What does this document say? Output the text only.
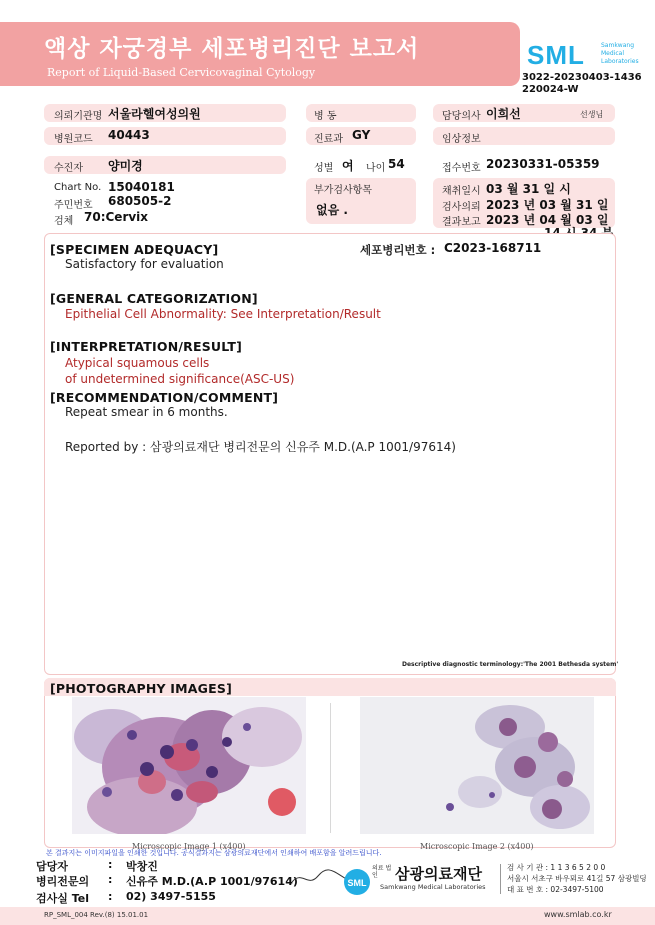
액상 자궁경부 세포병리진단 보고서
Report of Liquid-Based Cervicovaginal Cytology
SML	Samkwang Medical Laboratories
3022-20230403-1436
220024-W
의뢰기관명 서울라헬여성의원	병 동	담당의사 이희선	선생님
병원코드 40443	진료과 GY	임상정보
수진자 양미경	성별 여 나이 54	접수번호 20230331-05359
Chart No. 15040181
주민번호 680505-2
검체 70:Cervix
부가검사항목
없음 .
채취일시 03 월 31 일 시
검사의뢰 2023 년 03 월 31 일
결과보고 2023 년 04 월 03 일
[SPECIMEN ADEQUACY]	세포병리번호 : C2023-168711
Satisfactory for evaluation
[GENERAL CATEGORIZATION]
Epithelial Cell Abnormality: See Interpretation/Result
[INTERPRETATION/RESULT]
Atypical squamous cells
of undetermined significance(ASC-US)
[RECOMMENDATION/COMMENT]
Repeat smear in 6 months.
Reported by : 삼광의료재단 병리전문의 신유주 M.D.(A.P 1001/97614)
Descriptive diagnostic terminology:'The 2001 Bethesda system'
[PHOTOGRAPHY IMAGES]
Microscopic Image 1 (x400)	Microscopic Image 2 (x400)
본 결과지는 이미지파일을 인쇄한 것입니다. 공식결과지는 삼광의료재단에서 인쇄하여 배포함을 알려드립니다.
담당자	: 박창진
병리전문의 : 신유주 M.D.(A.P 1001/97614)
검사실 Tel : 02) 3497-5155
SML
의료 법인	삼광의료재단
Samkwang Medical Laboratories
검 사 기 관 : 1 1 3 6 5 2 0 0
서울시 서초구 바우뫼로 41길 57 삼광빌딩
대 표 번 호 : 02-3497-5100
RP_SML_004 Rev.(8) 15.01.01	www.smlab.co.kr
